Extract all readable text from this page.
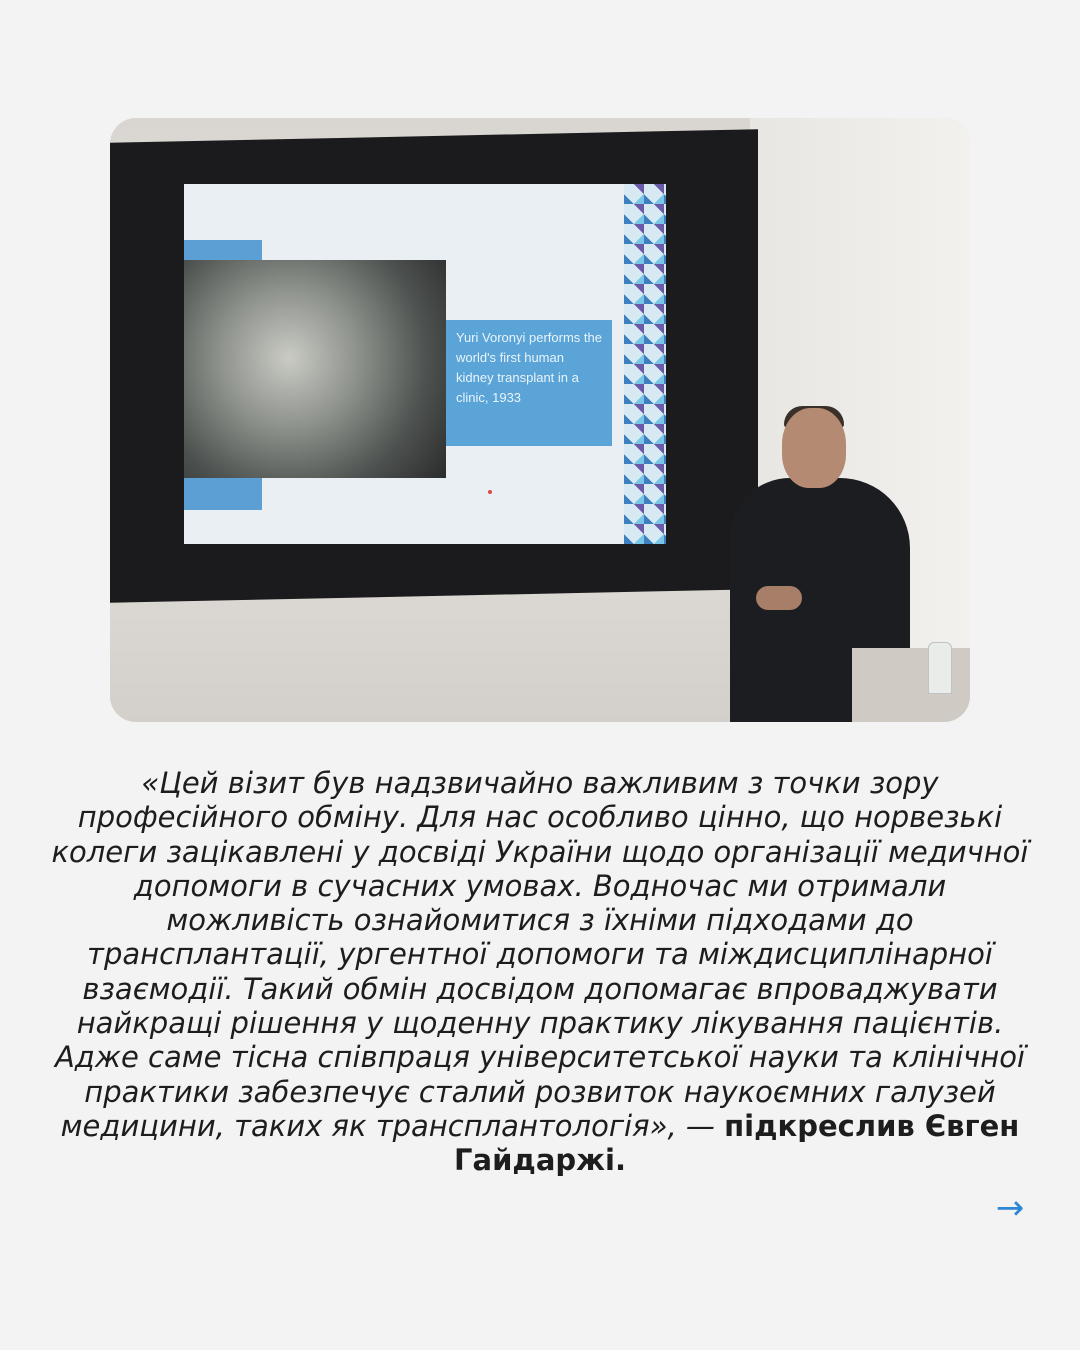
Yuri Voronyi performs the world's first human kidney transplant in a clinic, 1933
«Цей візит був надзвичайно важливим з точки зору професійного обміну. Для нас особливо цінно, що норвезькі колеги зацікавлені у досвіді України щодо організації медичної допомоги в сучасних умовах. Водночас ми отримали можливість ознайомитися з їхніми підходами до трансплантації, ургентної допомоги та міждисциплінарної взаємодії. Такий обмін досвідом допомагає впроваджувати найкращі рішення у щоденну практику лікування пацієнтів. Адже саме тісна співпраця університетської науки та клінічної практики забезпечує сталий розвиток наукоємних галузей медицини, таких як трансплантологія», — підкреслив Євген Гайдаржі.
→
